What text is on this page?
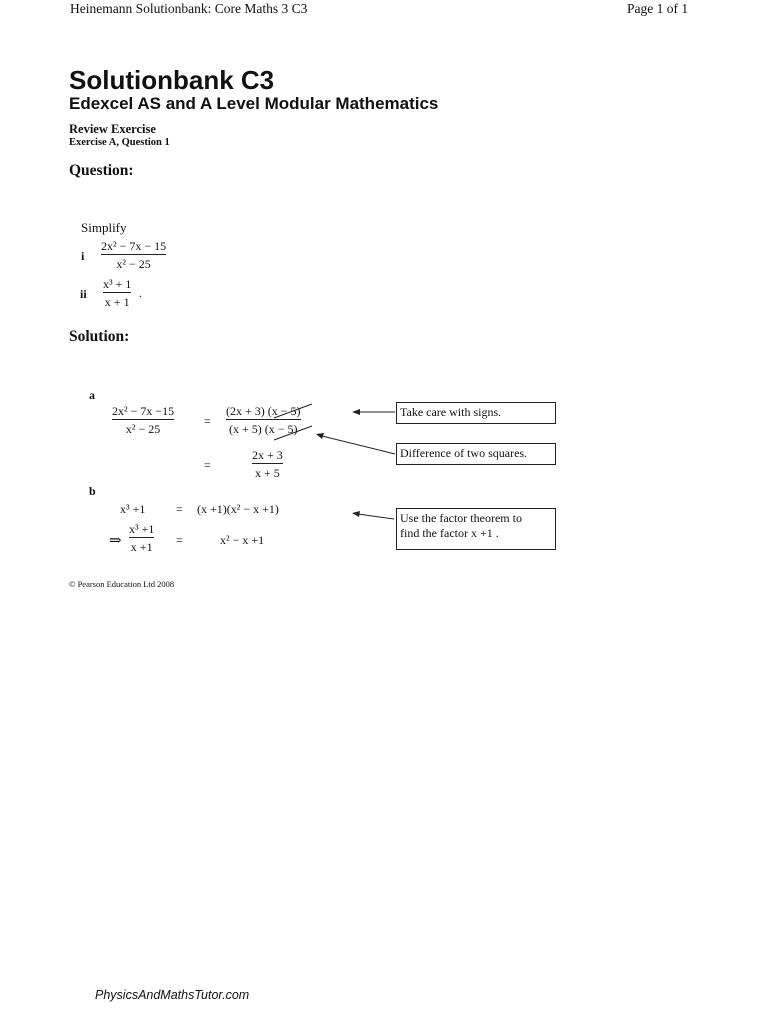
Heinemann Solutionbank: Core Maths 3 C3	Page 1 of 1
Solutionbank C3
Edexcel AS and A Level Modular Mathematics
Review Exercise
Exercise A, Question 1
Question:
Simplify
i
2x² − 7x − 15
x² − 25
ii
x³ + 1
x + 1
.
Solution:
a
2x² − 7x −15
x² − 25
=
(2x + 3) (x − 5)
(x + 5) (x − 5)
=
2x + 3
x + 5
Take care with signs.
Difference of two squares.
b
x³ +1	= (x +1)(x² − x +1)
⇒
x³ +1
x +1 =	x² − x +1
Use the factor theorem to
find the factor x +1 .
© Pearson Education Ltd 2008
PhysicsAndMathsTutor.com
